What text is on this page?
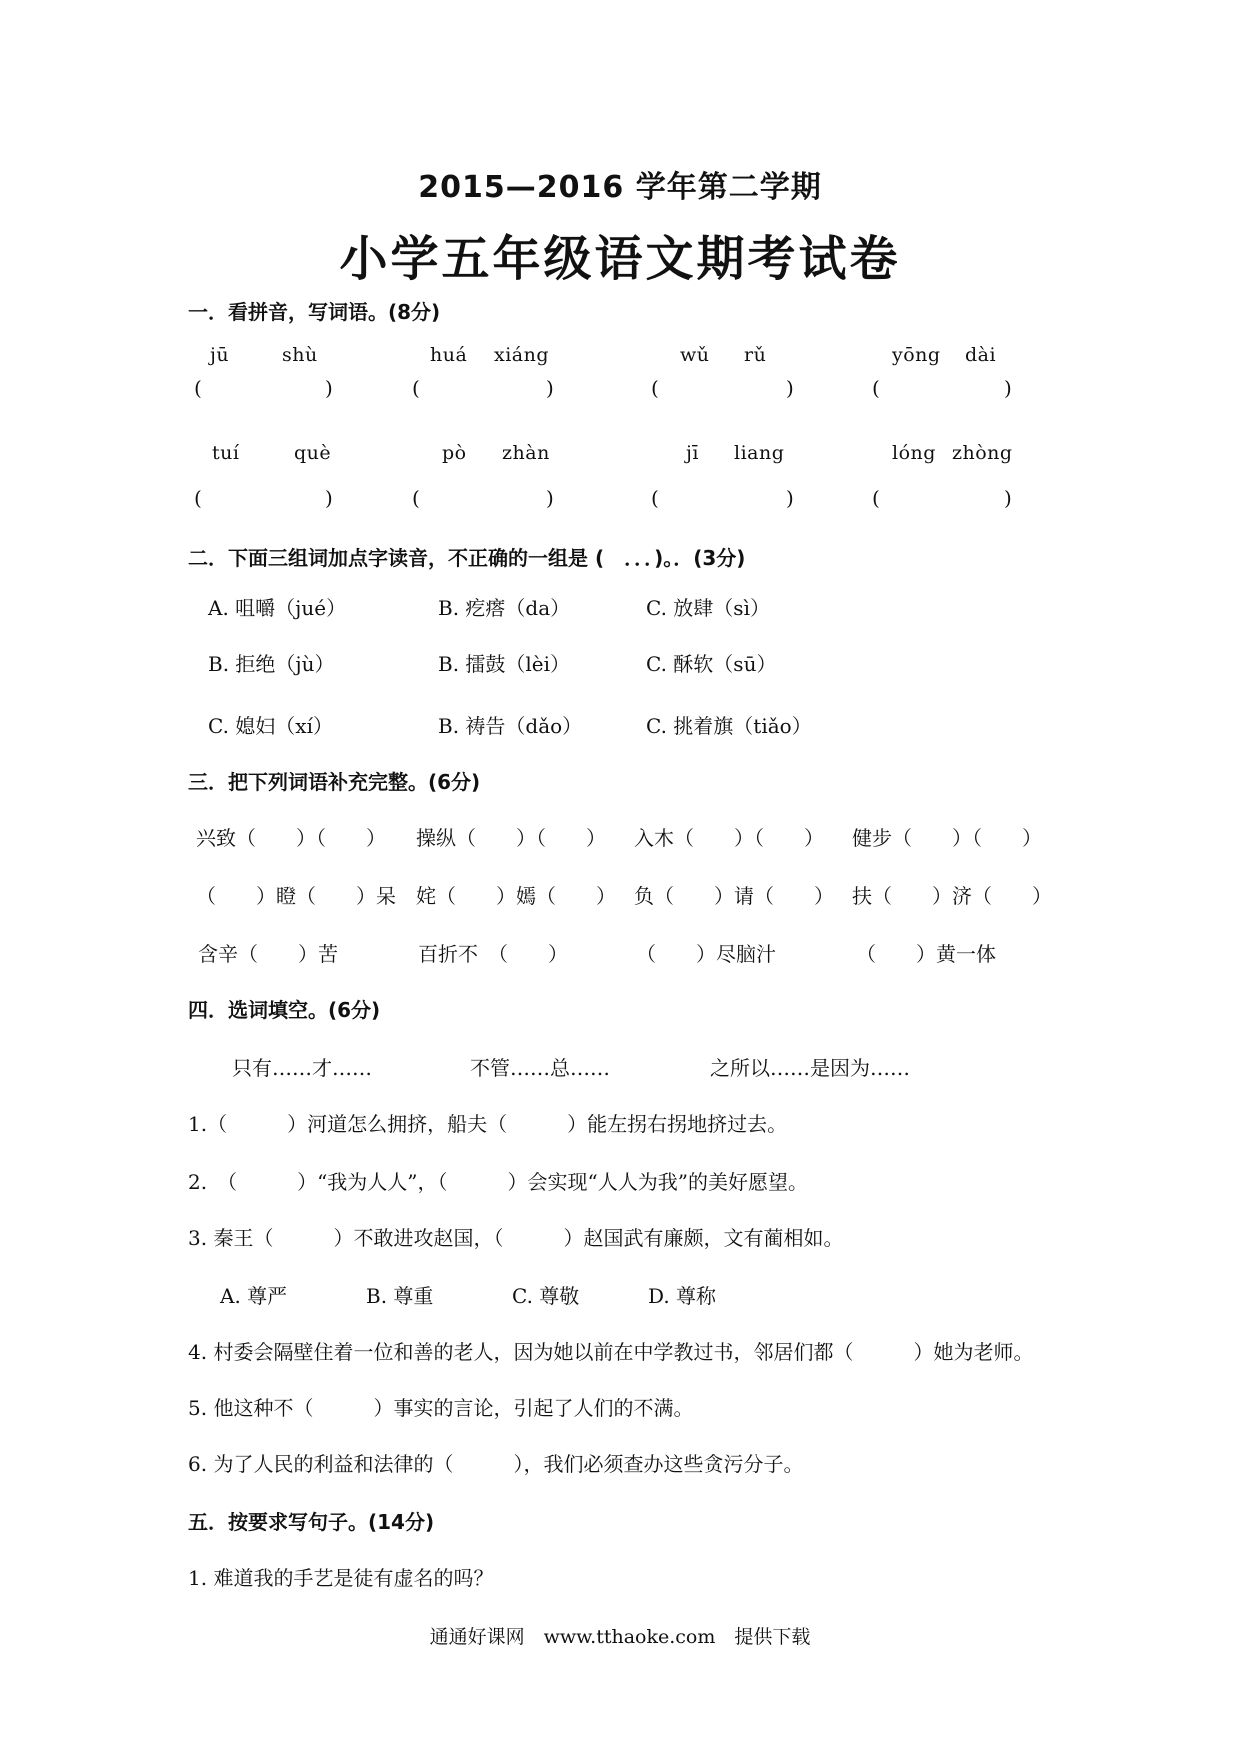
2015—2016 学年第二学期
小学五年级语文期考试卷
一．看拼音，写词语。(8分)
jū	shù	huá xiáng	wǔ rǔ	yōng dài
(	)	(	)	(	)	(	)
tuí	què	pò zhàn	jī liang	lóng zhòng
(	)	(	)	(	)	(	)
二．下面三组词加点字读音，不正确的一组是 (　．．．)。．(3分)
A. 咀嚼（jué）	B. 疙瘩（da）	C. 放肆（sì）
B. 拒绝（jù）	B. 擂鼓（lèi）	C. 酥软（sū）
C. 媳妇（xí）	B. 祷告（dǎo）	C. 挑着旗（tiǎo）
三．把下列词语补充完整。(6分)
兴致（　　）（　　） 操纵（　　）（　　） 入木（　　）（　　） 健步（　　）（　　）
（　　）瞪（　　）呆 姹（　　）嫣（　　） 负（　　）请（　　） 扶（　　）济（　　）
含辛（　　）苦	百折不　（　　）	（　　）尽脑汁	（　　）黄一体
四．选词填空。(6分)
只有……才……	不管……总……	之所以……是因为……
1.（　　　）河道怎么拥挤，船夫（　　　）能左拐右拐地挤过去。
2.　（　　　）“我为人人”，（　　　）会实现“人人为我”的美好愿望。
3. 秦王（　　　）不敢进攻赵国，（　　　）赵国武有廉颇，文有蔺相如。
A. 尊严	B. 尊重	C. 尊敬	D. 尊称
4. 村委会隔壁住着一位和善的老人，因为她以前在中学教过书，邻居们都（　　　）她为老师。
5. 他这种不（　　　）事实的言论，引起了人们的不满。
6. 为了人民的利益和法律的（　　　），我们必须查办这些贪污分子。
五．按要求写句子。(14分)
1. 难道我的手艺是徒有虚名的吗？
通通好课网　www.tthaoke.com　提供下载
